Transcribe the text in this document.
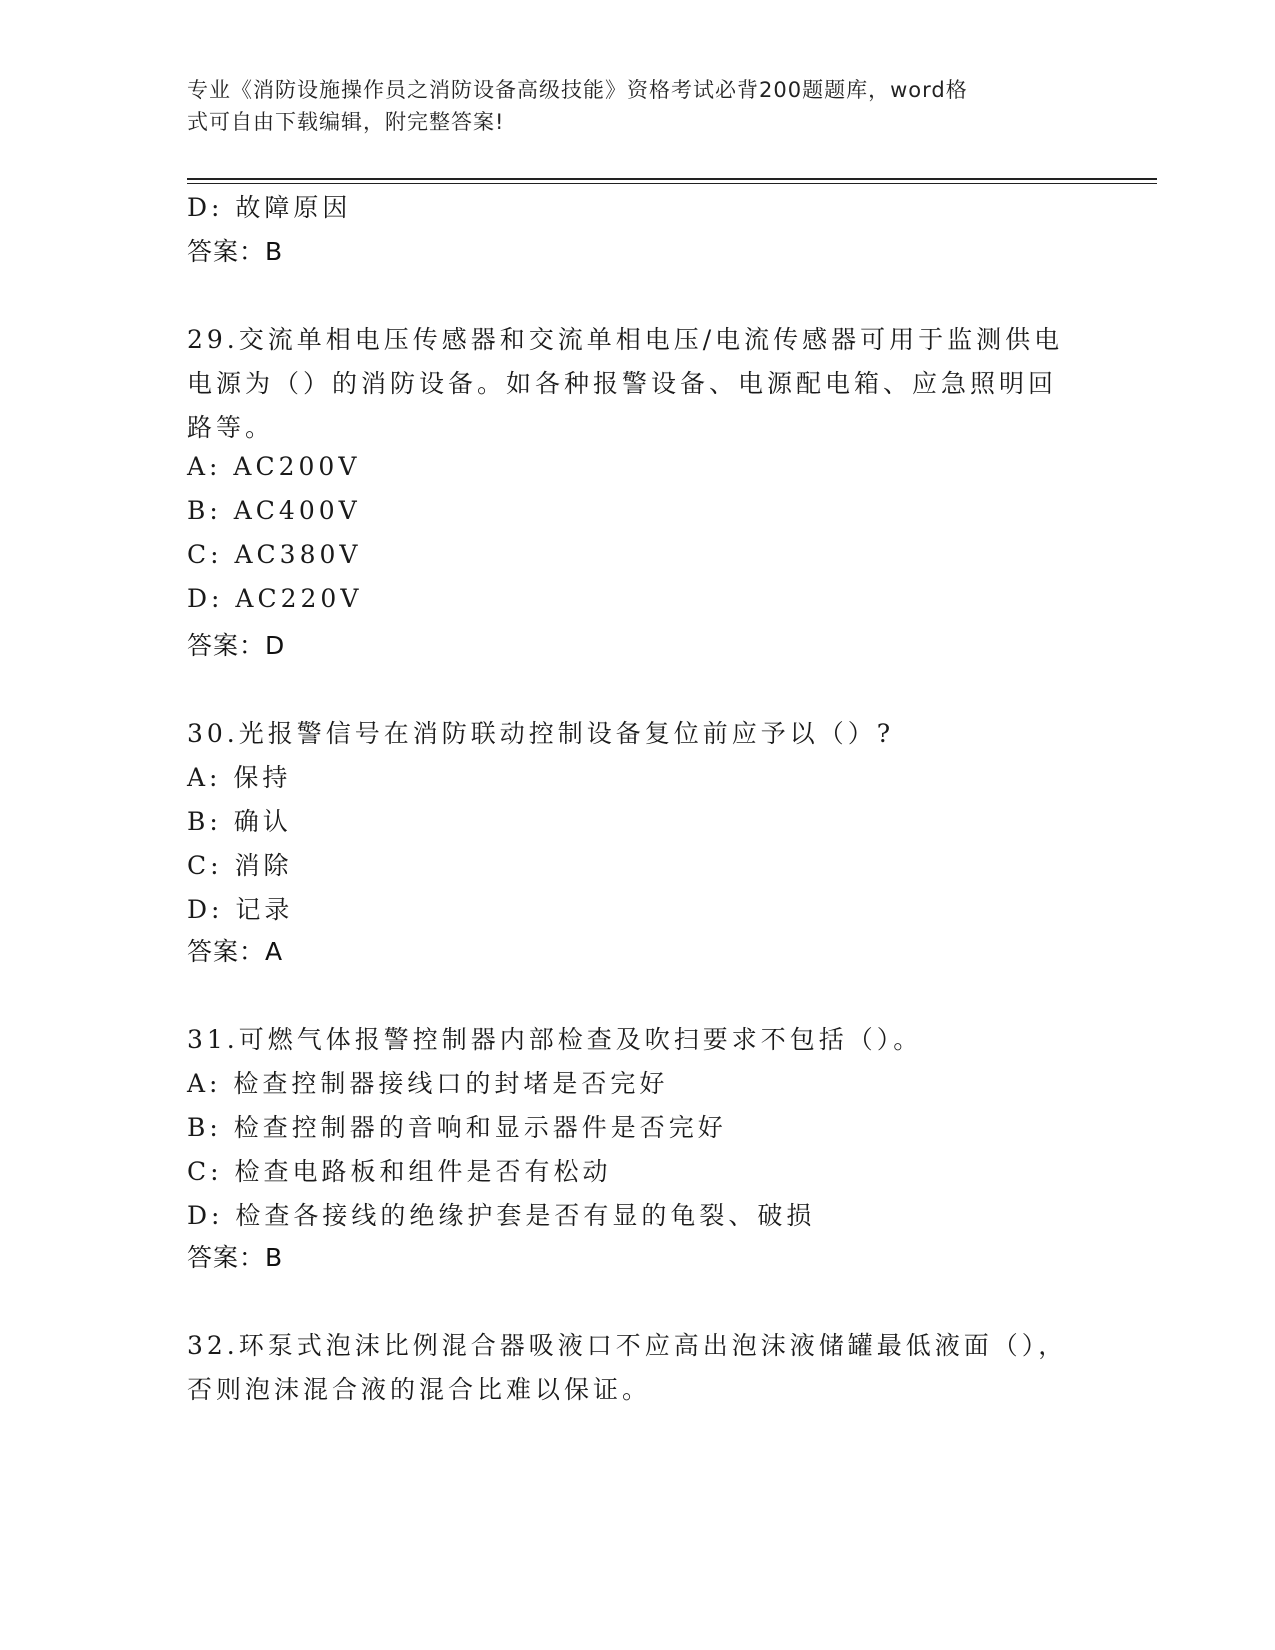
专业《消防设施操作员之消防设备高级技能》资格考试必背200题题库，word格
式可自由下载编辑，附完整答案!
D: 故障原因
答案：B
29.交流单相电压传感器和交流单相电压/电流传感器可用于监测供电
电源为（）的消防设备。如各种报警设备、电源配电箱、应急照明回
路等。
A: AC200V
B: AC400V
C: AC380V
D: AC220V
答案：D
30.光报警信号在消防联动控制设备复位前应予以（）?
A: 保持
B: 确认
C: 消除
D: 记录
答案：A
31.可燃气体报警控制器内部检查及吹扫要求不包括（）。
A: 检查控制器接线口的封堵是否完好
B: 检查控制器的音响和显示器件是否完好
C: 检查电路板和组件是否有松动
D: 检查各接线的绝缘护套是否有显的龟裂、破损
答案：B
32.环泵式泡沫比例混合器吸液口不应高出泡沫液储罐最低液面（），
否则泡沫混合液的混合比难以保证。
